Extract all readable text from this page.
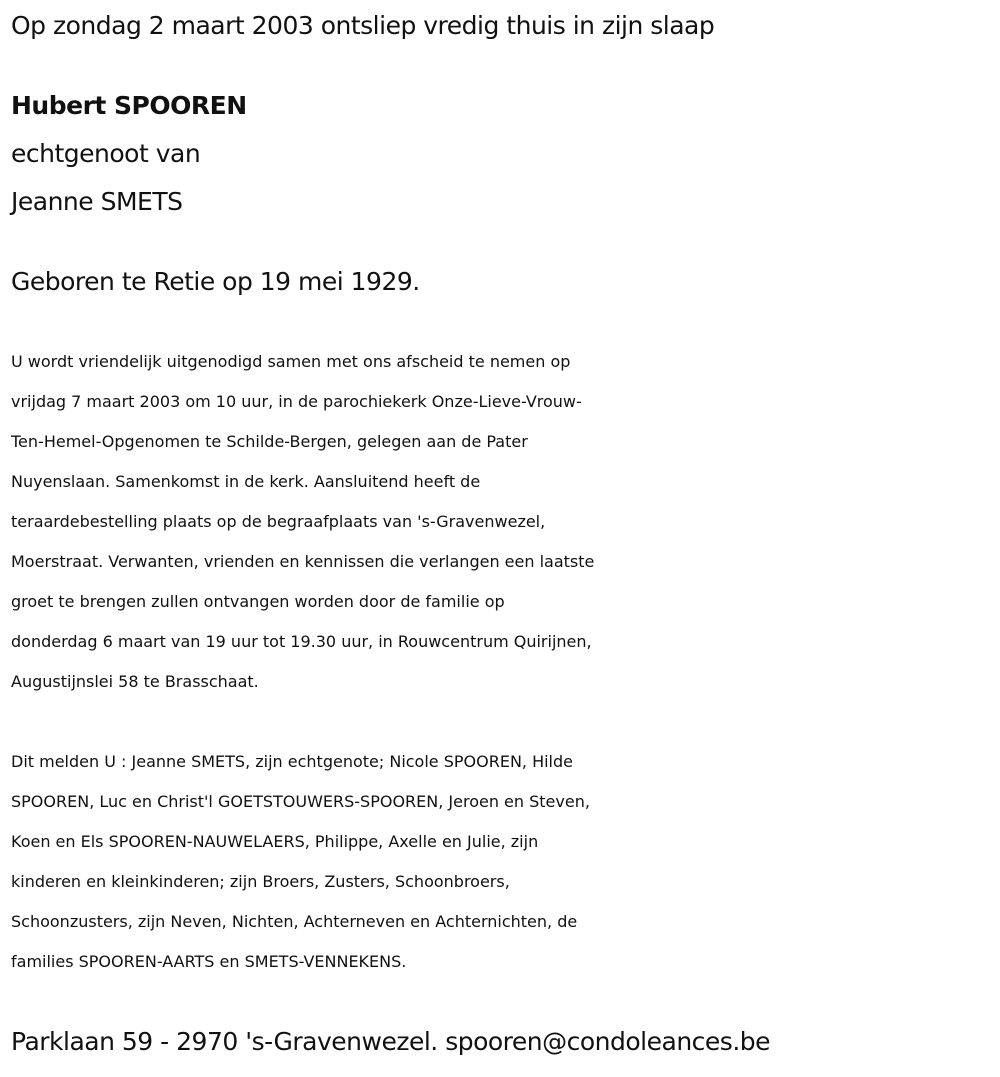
Op zondag 2 maart 2003 ontsliep vredig thuis in zijn slaap

Hubert SPOOREN

echtgenoot van

Jeanne SMETS

Geboren te Retie op 19 mei 1929.

U wordt vriendelijk uitgenodigd samen met ons afscheid te nemen op
vrijdag 7 maart 2003 om 10 uur, in de parochiekerk Onze-Lieve-Vrouw-
Ten-Hemel-Opgenomen te Schilde-Bergen, gelegen aan de Pater
Nuyenslaan. Samenkomst in de kerk. Aansluitend heeft de
teraardebestelling plaats op de begraafplaats van 's-Gravenwezel,
Moerstraat. Verwanten, vrienden en kennissen die verlangen een laatste
groet te brengen zullen ontvangen worden door de familie op
donderdag 6 maart van 19 uur tot 19.30 uur, in Rouwcentrum Quirijnen,
Augustijnslei 58 te Brasschaat.
Dit melden U : Jeanne SMETS, zijn echtgenote; Nicole SPOOREN, Hilde
SPOOREN, Luc en Christ'l GOETSTOUWERS-SPOOREN, Jeroen en Steven,
Koen en Els SPOOREN-NAUWELAERS, Philippe, Axelle en Julie, zijn
kinderen en kleinkinderen; zijn Broers, Zusters, Schoonbroers,
Schoonzusters, zijn Neven, Nichten, Achterneven en Achternichten, de
families SPOOREN-AARTS en SMETS-VENNEKENS.

Parklaan 59 - 2970 's-Gravenwezel. spooren@condoleances.be
